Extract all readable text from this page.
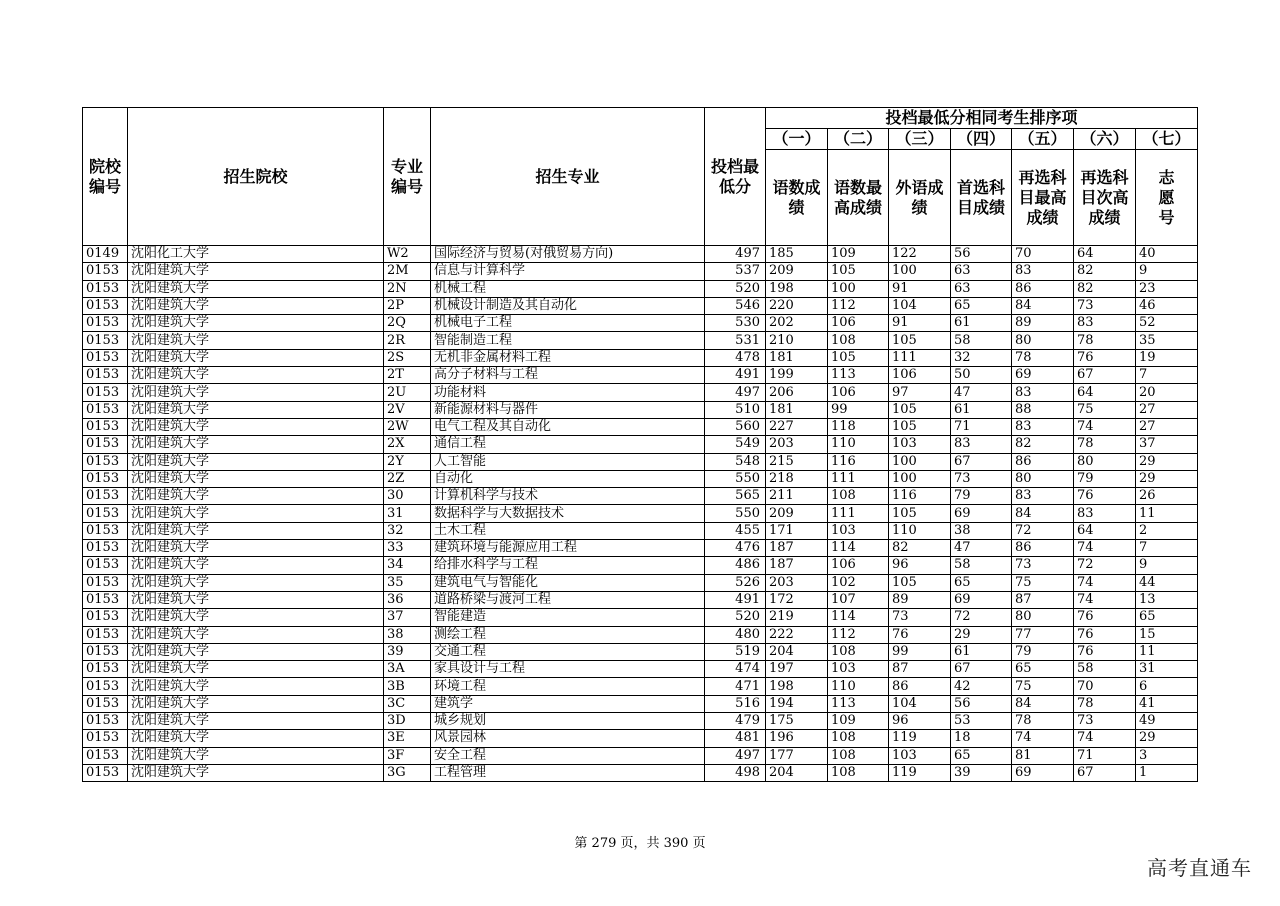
院校编号	招生院校	专业编号	招生专业	投档最低分	投档最低分相同考生排序项						
					（一）	（二）	（三）	（四）	（五）	（六）	（七）
					语数成绩	语数最高成绩	外语成绩	首选科目成绩	再选科目最高成绩	再选科目次高成绩	志愿号
0149	沈阳化工大学	W2	国际经济与贸易(对俄贸易方向)	497	185	109	122	56	70	64	40
0153	沈阳建筑大学	2M	信息与计算科学	537	209	105	100	63	83	82	9
0153	沈阳建筑大学	2N	机械工程	520	198	100	91	63	86	82	23
0153	沈阳建筑大学	2P	机械设计制造及其自动化	546	220	112	104	65	84	73	46
0153	沈阳建筑大学	2Q	机械电子工程	530	202	106	91	61	89	83	52
0153	沈阳建筑大学	2R	智能制造工程	531	210	108	105	58	80	78	35
0153	沈阳建筑大学	2S	无机非金属材料工程	478	181	105	111	32	78	76	19
0153	沈阳建筑大学	2T	高分子材料与工程	491	199	113	106	50	69	67	7
0153	沈阳建筑大学	2U	功能材料	497	206	106	97	47	83	64	20
0153	沈阳建筑大学	2V	新能源材料与器件	510	181	99	105	61	88	75	27
0153	沈阳建筑大学	2W	电气工程及其自动化	560	227	118	105	71	83	74	27
0153	沈阳建筑大学	2X	通信工程	549	203	110	103	83	82	78	37
0153	沈阳建筑大学	2Y	人工智能	548	215	116	100	67	86	80	29
0153	沈阳建筑大学	2Z	自动化	550	218	111	100	73	80	79	29
0153	沈阳建筑大学	30	计算机科学与技术	565	211	108	116	79	83	76	26
0153	沈阳建筑大学	31	数据科学与大数据技术	550	209	111	105	69	84	83	11
0153	沈阳建筑大学	32	土木工程	455	171	103	110	38	72	64	2
0153	沈阳建筑大学	33	建筑环境与能源应用工程	476	187	114	82	47	86	74	7
0153	沈阳建筑大学	34	给排水科学与工程	486	187	106	96	58	73	72	9
0153	沈阳建筑大学	35	建筑电气与智能化	526	203	102	105	65	75	74	44
0153	沈阳建筑大学	36	道路桥梁与渡河工程	491	172	107	89	69	87	74	13
0153	沈阳建筑大学	37	智能建造	520	219	114	73	72	80	76	65
0153	沈阳建筑大学	38	测绘工程	480	222	112	76	29	77	76	15
0153	沈阳建筑大学	39	交通工程	519	204	108	99	61	79	76	11
0153	沈阳建筑大学	3A	家具设计与工程	474	197	103	87	67	65	58	31
0153	沈阳建筑大学	3B	环境工程	471	198	110	86	42	75	70	6
0153	沈阳建筑大学	3C	建筑学	516	194	113	104	56	84	78	41
0153	沈阳建筑大学	3D	城乡规划	479	175	109	96	53	78	73	49
0153	沈阳建筑大学	3E	风景园林	481	196	108	119	18	74	74	29
0153	沈阳建筑大学	3F	安全工程	497	177	108	103	65	81	71	3
0153	沈阳建筑大学	3G	工程管理	498	204	108	119	39	69	67	1
第 279 页，共 390 页
高考直通车
